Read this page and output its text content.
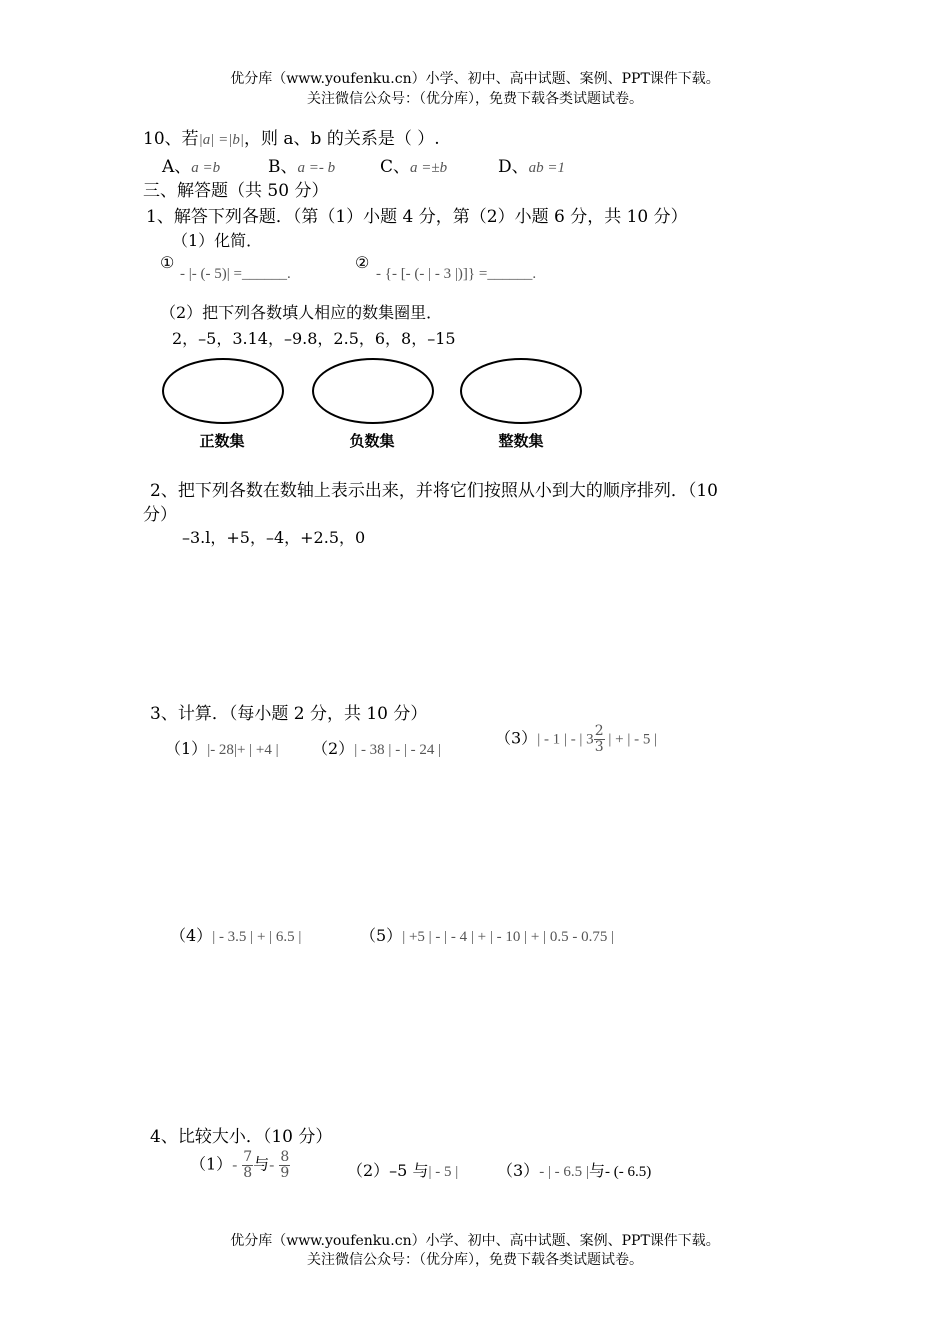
优分库（www.youfenku.cn）小学、初中、高中试题、案例、PPT课件下载。
关注微信公众号：（优分库），免费下载各类试题试卷。
10、若|a| =|b|，则 a、b 的关系是（ ）.
A、a =b	B、a =- b	C、a =±b	D、ab =1
三、解答题（共 50 分）
1、解答下列各题．（第（1）小题 4 分，第（2）小题 6 分，共 10 分）
（1）化简．
①
- |- (- 5)| =______.
②
- {- [- (- | - 3 |)]} =______.
（2）把下列各数填人相应的数集圈里．
2，–5，3.14，–9.8，2.5，6，8，–15
正数集	负数集	整数集
2、把下列各数在数轴上表示出来，并将它们按照从小到大的顺序排列．（10
分）
–3.l，+5，–4，+2.5，0
3、计算．（每小题 2 分，共 10 分）
（1）|- 28|+ | +4 | （2）| - 38 | - | - 24 |
（3）| - 1 | - | $3 \frac{2}{3}$ | + | - 5 |
（4）| - 3.5 | + | 6.5 |	（5）| +5 | - | - 4 | + | - 10 | + | 0.5 - 0.75 |
4、比较大小．（10 分）
$(1)- \frac{7}{8}$ 与- $\frac{8}{9}$	（2）–5 与| - 5 | （3）- | - 6.5 |与- (- 6.5)
优分库（www.youfenku.cn）小学、初中、高中试题、案例、PPT课件下载。
关注微信公众号：（优分库），免费下载各类试题试卷。
